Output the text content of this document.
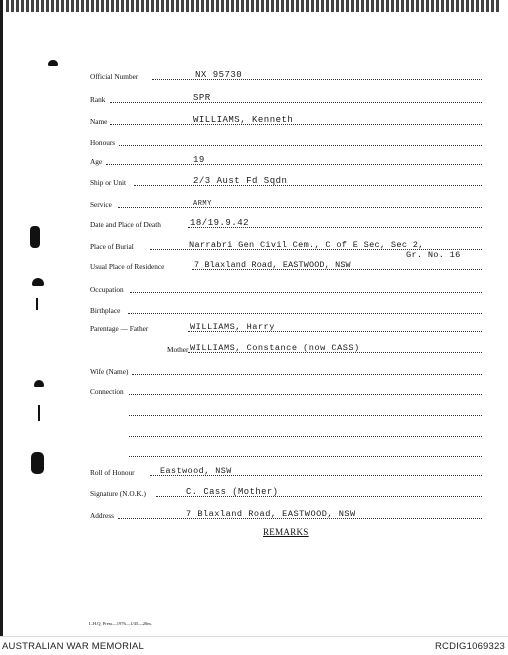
Official Number	NX 95730
Rank	SPR
Name	WILLIAMS, Kenneth
Honours
Age	19
Ship or Unit	2/3 Aust Fd Sqdn
Service	ARMY
Date and Place of Death	18/19.9.42
Place of Burial	Narrabri Gen Civil Cem., C of E Sec, Sec 2,
Gr. No. 16
Usual Place of Residence	7 Blaxland Road, EASTWOOD, NSW
Occupation
Birthplace
Parentage — Father	WILLIAMS, Harry
Mother WILLIAMS, Constance (now CASS)
Wife (Name)
Connection
Roll of Honour	Eastwood, NSW
Signature (N.O.K.)	C. Cass (Mother)
Address	7 Blaxland Road, EASTWOOD, NSW
REMARKS
L.H.Q. Press—1976—1/45—20m.
AUSTRALIAN WAR MEMORIAL	RCDIG1069323
